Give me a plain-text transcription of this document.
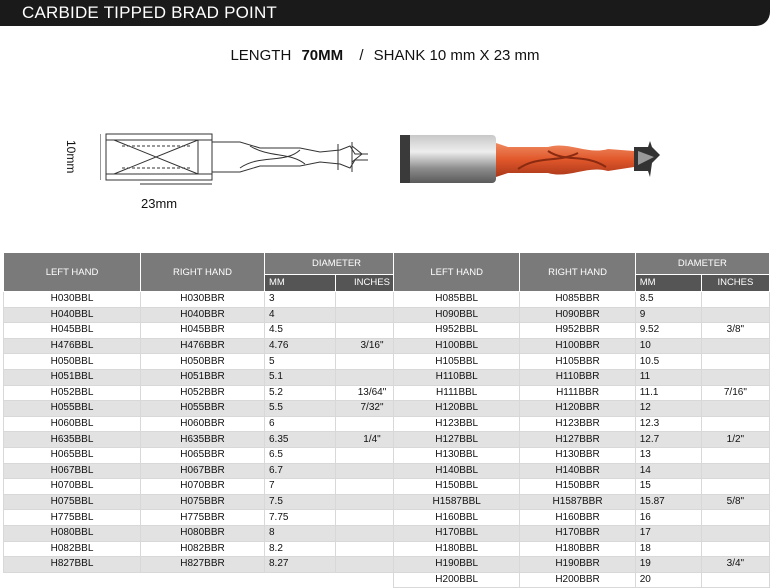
CARBIDE TIPPED BRAD POINT
LENGTH 70MM / SHANK 10 mm X 23 mm
10mm
23mm
LEFT HAND	RIGHT HAND	DIAMETER	
		MM	INCHES
H030BBL	H030BBR	3	
H040BBL	H040BBR	4	
H045BBL	H045BBR	4.5	
H476BBL	H476BBR	4.76	3/16"
H050BBL	H050BBR	5	
H051BBL	H051BBR	5.1	
H052BBL	H052BBR	5.2	13/64"
H055BBL	H055BBR	5.5	7/32"
H060BBL	H060BBR	6	
H635BBL	H635BBR	6.35	1/4"
H065BBL	H065BBR	6.5	
H067BBL	H067BBR	6.7	
H070BBL	H070BBR	7	
H075BBL	H075BBR	7.5	
H775BBL	H775BBR	7.75	
H080BBL	H080BBR	8	
H082BBL	H082BBR	8.2	
H827BBL	H827BBR	8.27	
LEFT HAND	RIGHT HAND	DIAMETER	
		MM	INCHES
H085BBL	H085BBR	8.5	
H090BBL	H090BBR	9	
H952BBL	H952BBR	9.52	3/8"
H100BBL	H100BBR	10	
H105BBL	H105BBR	10.5	
H110BBL	H110BBR	11	
H111BBL	H111BBR	11.1	7/16"
H120BBL	H120BBR	12	
H123BBL	H123BBR	12.3	
H127BBL	H127BBR	12.7	1/2"
H130BBL	H130BBR	13	
H140BBL	H140BBR	14	
H150BBL	H150BBR	15	
H1587BBL	H1587BBR	15.87	5/8"
H160BBL	H160BBR	16	
H170BBL	H170BBR	17	
H180BBL	H180BBR	18	
H190BBL	H190BBR	19	3/4"
H200BBL	H200BBR	20	
